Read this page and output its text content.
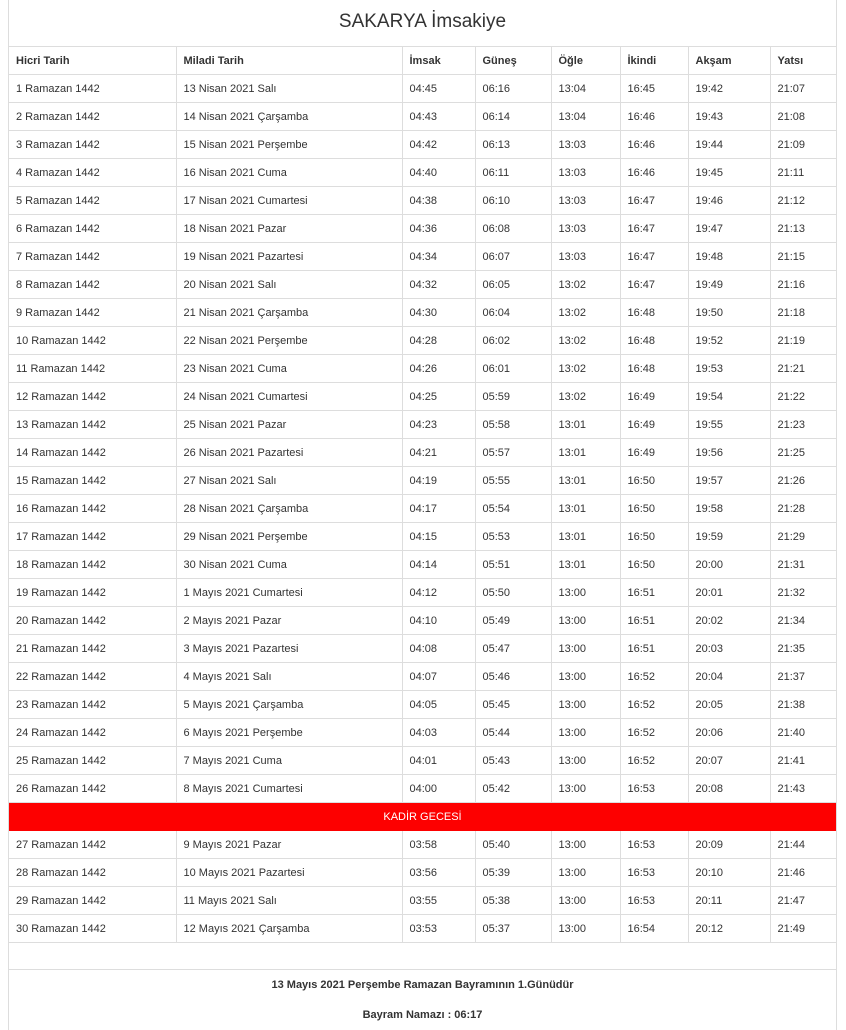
SAKARYA İmsakiye
Hicri Tarih	Miladi Tarih	İmsak	Güneş	Öğle	İkindi	Akşam	Yatsı
1 Ramazan 1442	13 Nisan 2021 Salı	04:45	06:16	13:04	16:45	19:42	21:07
2 Ramazan 1442	14 Nisan 2021 Çarşamba	04:43	06:14	13:04	16:46	19:43	21:08
3 Ramazan 1442	15 Nisan 2021 Perşembe	04:42	06:13	13:03	16:46	19:44	21:09
4 Ramazan 1442	16 Nisan 2021 Cuma	04:40	06:11	13:03	16:46	19:45	21:11
5 Ramazan 1442	17 Nisan 2021 Cumartesi	04:38	06:10	13:03	16:47	19:46	21:12
6 Ramazan 1442	18 Nisan 2021 Pazar	04:36	06:08	13:03	16:47	19:47	21:13
7 Ramazan 1442	19 Nisan 2021 Pazartesi	04:34	06:07	13:03	16:47	19:48	21:15
8 Ramazan 1442	20 Nisan 2021 Salı	04:32	06:05	13:02	16:47	19:49	21:16
9 Ramazan 1442	21 Nisan 2021 Çarşamba	04:30	06:04	13:02	16:48	19:50	21:18
10 Ramazan 1442	22 Nisan 2021 Perşembe	04:28	06:02	13:02	16:48	19:52	21:19
11 Ramazan 1442	23 Nisan 2021 Cuma	04:26	06:01	13:02	16:48	19:53	21:21
12 Ramazan 1442	24 Nisan 2021 Cumartesi	04:25	05:59	13:02	16:49	19:54	21:22
13 Ramazan 1442	25 Nisan 2021 Pazar	04:23	05:58	13:01	16:49	19:55	21:23
14 Ramazan 1442	26 Nisan 2021 Pazartesi	04:21	05:57	13:01	16:49	19:56	21:25
15 Ramazan 1442	27 Nisan 2021 Salı	04:19	05:55	13:01	16:50	19:57	21:26
16 Ramazan 1442	28 Nisan 2021 Çarşamba	04:17	05:54	13:01	16:50	19:58	21:28
17 Ramazan 1442	29 Nisan 2021 Perşembe	04:15	05:53	13:01	16:50	19:59	21:29
18 Ramazan 1442	30 Nisan 2021 Cuma	04:14	05:51	13:01	16:50	20:00	21:31
19 Ramazan 1442	1 Mayıs 2021 Cumartesi	04:12	05:50	13:00	16:51	20:01	21:32
20 Ramazan 1442	2 Mayıs 2021 Pazar	04:10	05:49	13:00	16:51	20:02	21:34
21 Ramazan 1442	3 Mayıs 2021 Pazartesi	04:08	05:47	13:00	16:51	20:03	21:35
22 Ramazan 1442	4 Mayıs 2021 Salı	04:07	05:46	13:00	16:52	20:04	21:37
23 Ramazan 1442	5 Mayıs 2021 Çarşamba	04:05	05:45	13:00	16:52	20:05	21:38
24 Ramazan 1442	6 Mayıs 2021 Perşembe	04:03	05:44	13:00	16:52	20:06	21:40
25 Ramazan 1442	7 Mayıs 2021 Cuma	04:01	05:43	13:00	16:52	20:07	21:41
26 Ramazan 1442	8 Mayıs 2021 Cumartesi	04:00	05:42	13:00	16:53	20:08	21:43
KADİR GECESİ							
27 Ramazan 1442	9 Mayıs 2021 Pazar	03:58	05:40	13:00	16:53	20:09	21:44
28 Ramazan 1442	10 Mayıs 2021 Pazartesi	03:56	05:39	13:00	16:53	20:10	21:46
29 Ramazan 1442	11 Mayıs 2021 Salı	03:55	05:38	13:00	16:53	20:11	21:47
30 Ramazan 1442	12 Mayıs 2021 Çarşamba	03:53	05:37	13:00	16:54	20:12	21:49
13 Mayıs 2021 Perşembe Ramazan Bayramının 1.Günüdür
Bayram Namazı : 06:17
